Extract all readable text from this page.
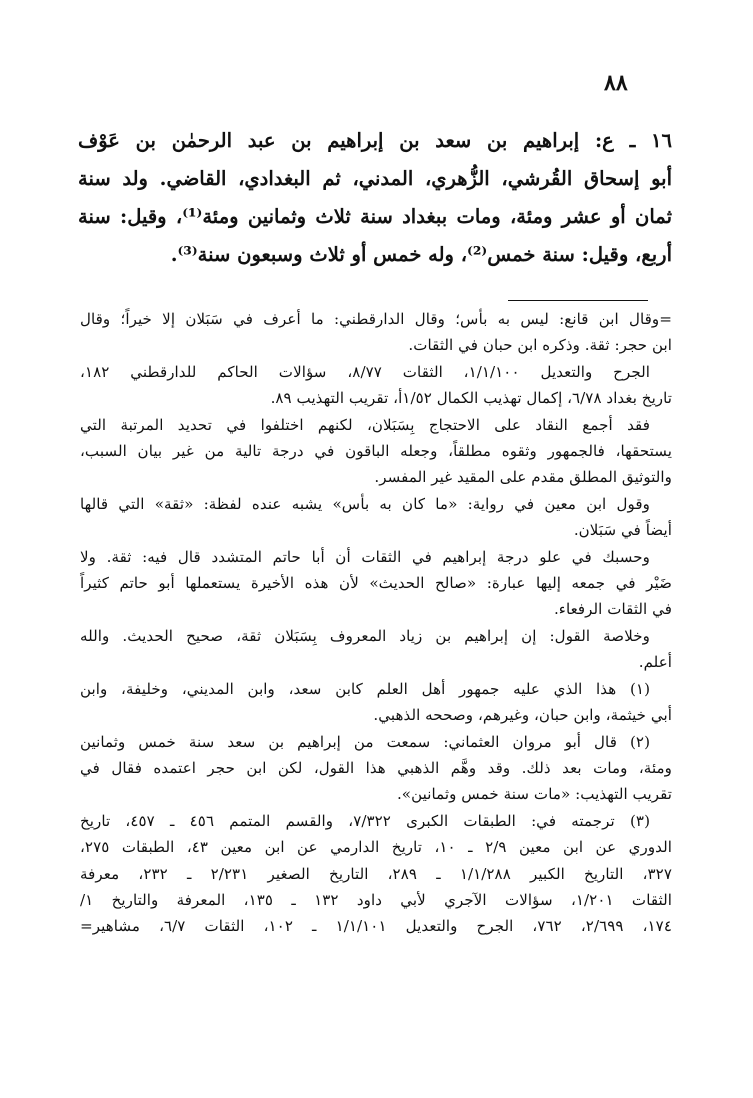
٨٨
١٦ ـ ع: إبراهيم بن سعد بن إبراهيم بن عبد الرحمٰن بن عَوْف
أبو إسحاق القُرشي، الزُّهري، المدني، ثم البغدادي، القاضي. ولد سنة
ثمان أو عشر ومئة، ومات ببغداد سنة ثلاث وثمانين ومئة⁽¹⁾، وقيل: سنة
أربع، وقيل: سنة خمس⁽²⁾، وله خمس أو ثلاث وسبعون سنة⁽³⁾.
=وقال ابن قانع: ليس به بأس؛ وقال الدارقطني: ما أعرف في سَبَلان إلا خيراً؛ وقال
ابن حجر: ثقة. وذكره ابن حبان في الثقات.
الجرح والتعديل ١/١/١٠٠، الثقات ٨/٧٧، سؤالات الحاكم للدارقطني ١٨٢،
تاريخ بغداد ٦/٧٨، إكمال تهذيب الكمال ١/٥٢أ، تقريب التهذيب ٨٩.
فقد أجمع النقاد على الاحتجاج بِسَبَلان، لكنهم اختلفوا في تحديد المرتبة التي
يستحقها، فالجمهور وثقوه مطلقاً، وجعله الباقون في درجة تالية من غير بيان السبب،
والتوثيق المطلق مقدم على المقيد غير المفسر.
وقول ابن معين في رواية: «ما كان به بأس» يشبه عنده لفظة: «ثقة» التي قالها
أيضاً في سَبَلان.
وحسبك في علو درجة إبراهيم في الثقات أن أبا حاتم المتشدد قال فيه: ثقة. ولا
ضَيْر في جمعه إليها عبارة: «صالح الحديث» لأن هذه الأخيرة يستعملها أبو حاتم كثيراً
في الثقات الرفعاء.
وخلاصة القول: إن إبراهيم بن زياد المعروف بِسَبَلان ثقة، صحيح الحديث. والله
أعلم.
(١) هذا الذي عليه جمهور أهل العلم كابن سعد، وابن المديني، وخليفة، وابن
أبي خيثمة، وابن حبان، وغيرهم، وصححه الذهبي.
(٢) قال أبو مروان العثماني: سمعت من إبراهيم بن سعد سنة خمس وثمانين
ومئة، ومات بعد ذلك. وقد وهَّم الذهبي هذا القول، لكن ابن حجر اعتمده فقال في
تقريب التهذيب: «مات سنة خمس وثمانين».
(٣) ترجمته في: الطبقات الكبرى ٧/٣٢٢، والقسم المتمم ٤٥٦ ـ ٤٥٧، تاريخ
الدوري عن ابن معين ٢/٩ ـ ١٠، تاريخ الدارمي عن ابن معين ٤٣، الطبقات ٢٧٥،
٣٢٧، التاريخ الكبير ١/١/٢٨٨ ـ ٢٨٩، التاريخ الصغير ٢/٢٣١ ـ ٢٣٢، معرفة
الثقات ١/٢٠١، سؤالات الآجري لأبي داود ١٣٢ ـ ١٣٥، المعرفة والتاريخ ١/
١٧٤، ٢/٦٩٩، ٧٦٢، الجرح والتعديل ١/١/١٠١ ـ ١٠٢، الثقات ٦/٧، مشاهير=
